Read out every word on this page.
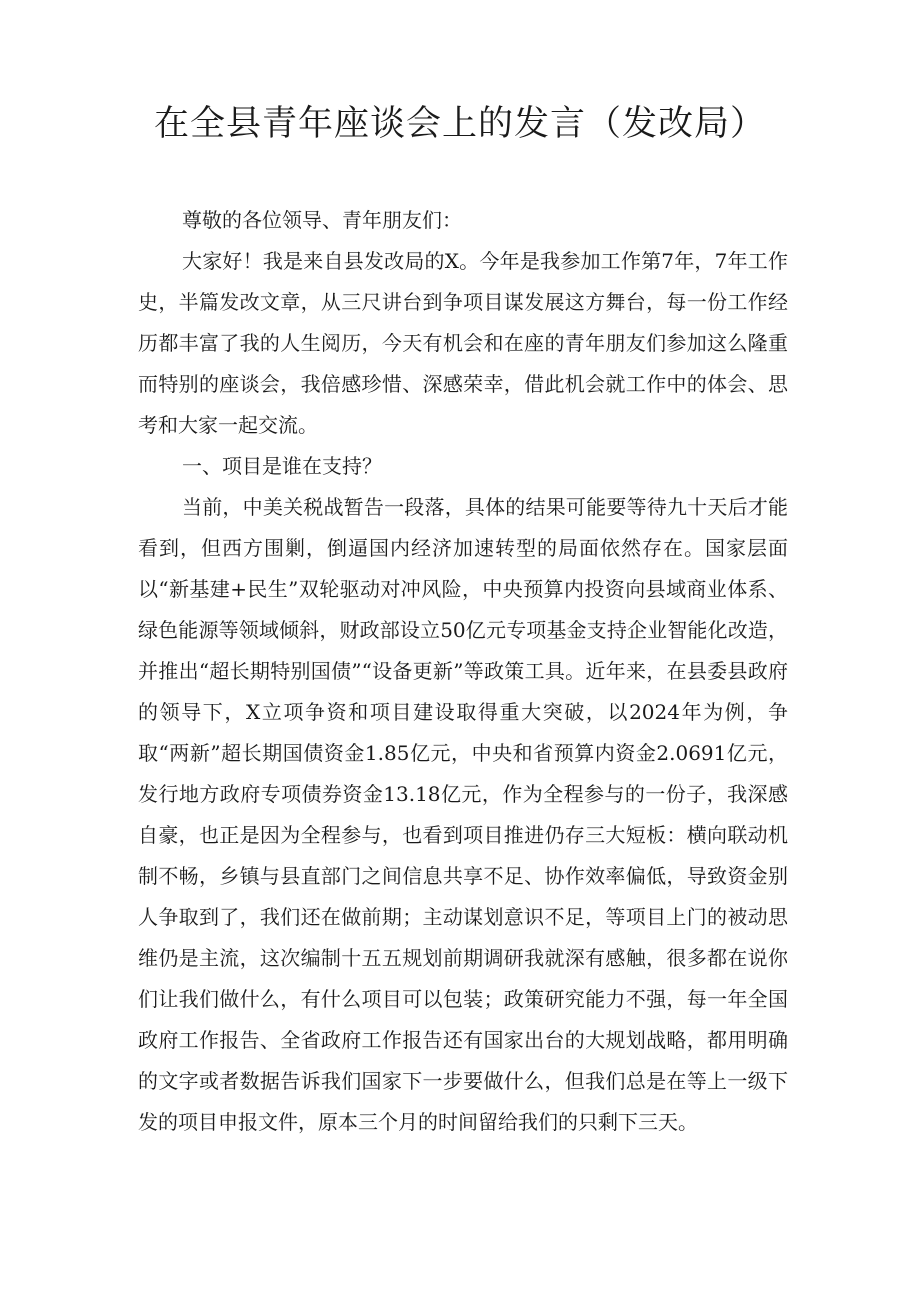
在全县青年座谈会上的发言（发改局）

尊敬的各位领导、青年朋友们：

大家好！我是来自县发改局的X。今年是我参加工作第7年，7年工作史，半篇发改文章，从三尺讲台到争项目谋发展这方舞台，每一份工作经历都丰富了我的人生阅历，今天有机会和在座的青年朋友们参加这么隆重而特别的座谈会，我倍感珍惜、深感荣幸，借此机会就工作中的体会、思考和大家一起交流。

一、项目是谁在支持？

当前，中美关税战暂告一段落，具体的结果可能要等待九十天后才能看到，但西方围剿，倒逼国内经济加速转型的局面依然存在。国家层面以“新基建+民生”双轮驱动对冲风险，中央预算内投资向县域商业体系、绿色能源等领域倾斜，财政部设立50亿元专项基金支持企业智能化改造，并推出“超长期特别国债”“设备更新”等政策工具。近年来，在县委县政府的领导下，X立项争资和项目建设取得重大突破，以2024年为例，争取“两新”超长期国债资金1.85亿元，中央和省预算内资金2.0691亿元，发行地方政府专项债券资金13.18亿元，作为全程参与的一份子，我深感自豪，也正是因为全程参与，也看到项目推进仍存三大短板：横向联动机制不畅，乡镇与县直部门之间信息共享不足、协作效率偏低，导致资金别人争取到了，我们还在做前期；主动谋划意识不足，等项目上门的被动思维仍是主流，这次编制十五五规划前期调研我就深有感触，很多都在说你们让我们做什么，有什么项目可以包装；政策研究能力不强，每一年全国政府工作报告、全省政府工作报告还有国家出台的大规划战略，都用明确的文字或者数据告诉我们国家下一步要做什么，但我们总是在等上一级下发的项目申报文件，原本三个月的时间留给我们的只剩下三天。
